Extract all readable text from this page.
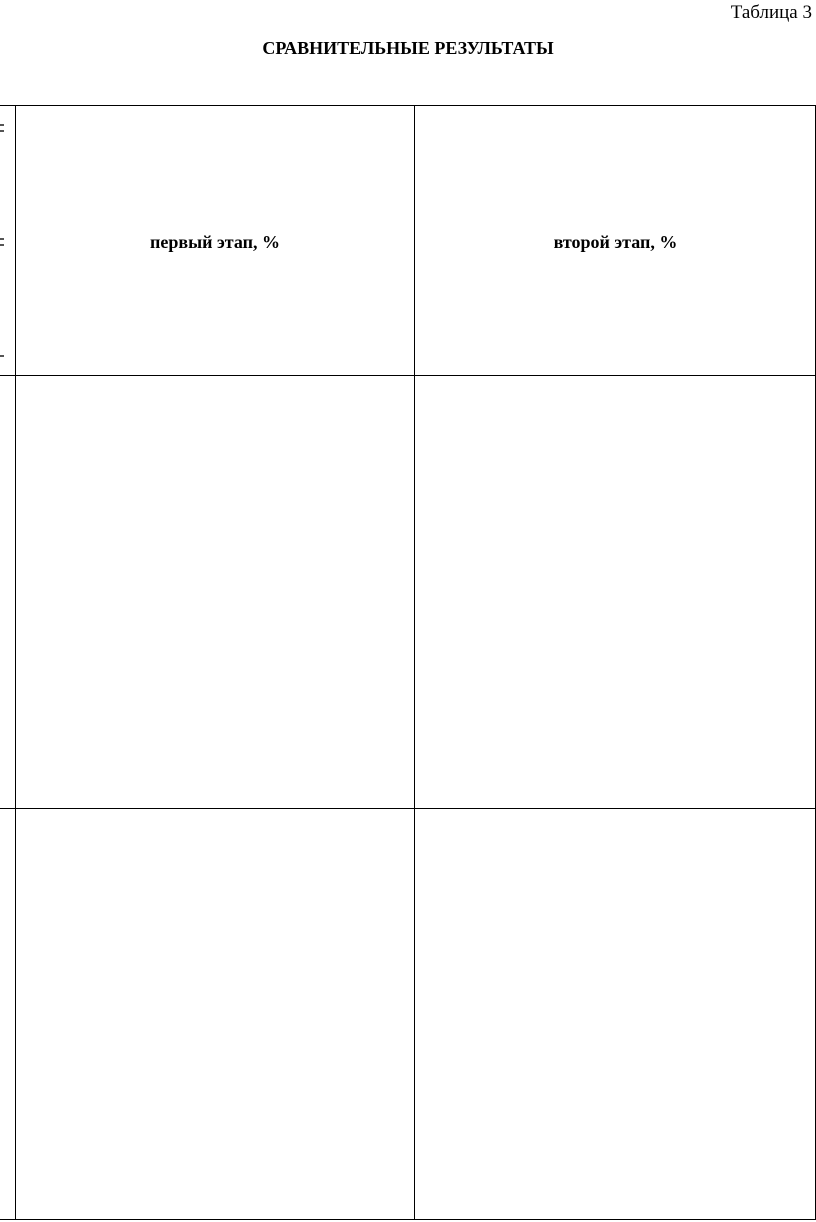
Таблица 3
СРАВНИТЕЛЬНЫЕ РЕЗУЛЬТАТЫ
первый этап, %	второй этап, %
